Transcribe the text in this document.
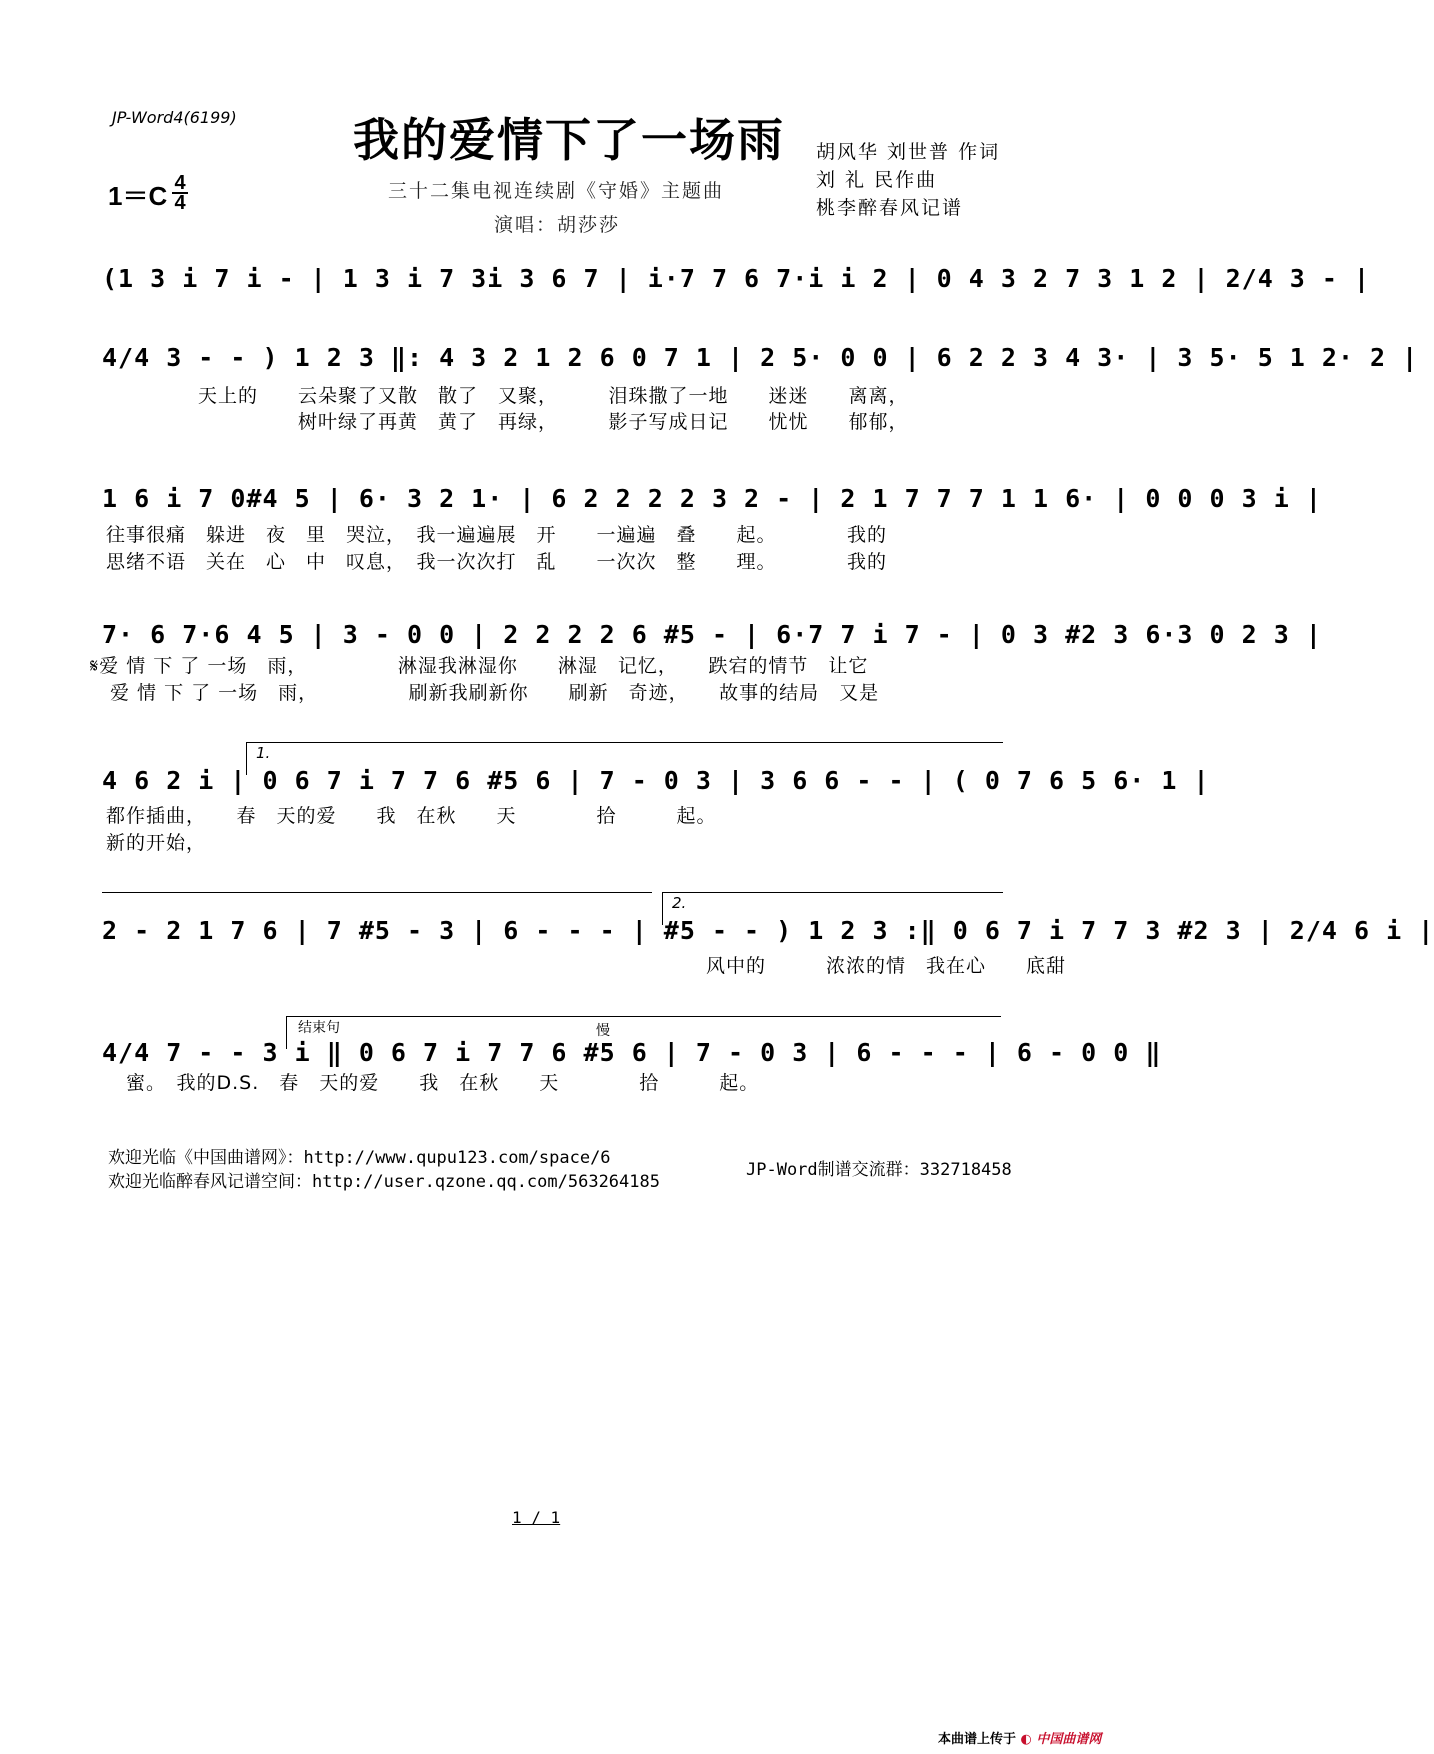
JP-Word4(6199)	我的爱情下了一场雨
三十二集电视连续剧《守婚》主题曲
演唱：胡莎莎
胡风华 刘世普 作词
刘 礼 民作曲
桃李醉春风记谱
1＝C 4
4
(1 3 i 7 i - | 1 3 i 7 3i 3 6 7 | i·7 7 6 7·i i 2 | 0 4 3 2 7 3 1 2 | 2/4 3 - |
4/4 3 - - ) 1 2 3 ‖: 4 3 2 1 2 6 0 7 1 | 2 5· 0 0 | 6 2 2 3 4 3· | 3 5· 5 1 2· 2 |
天上的　　云朵聚了又散　散了　又聚，　　　泪珠撒了一地　　迷迷　　离离，
　　　　　树叶绿了再黄　黄了　再绿，　　　影子写成日记　　忧忧　　郁郁，
1 6 i 7 0#4 5 | 6· 3 2 1· | 6 2 2 2 2 3 2 - | 2 1 7 7 7 1 1 6· | 0 0 0 3 i |
往事很痛　躲进　夜　里　哭泣，　我一遍遍展　开　　一遍遍　叠　　起。　　　　我的
思绪不语　关在　心　中　叹息，　我一次次打　乱　　一次次　整　　理。　　　　我的
7· 6 7·6 4 5 | 3 - 0 0 | 2 2 2 2 6 #5 - | 6·7 7 i 7 - | 0 3 #2 3 6·3 0 2 3 |
𝄋爱 情 下 了 一场　雨，　　　　　淋湿我淋湿你　　淋湿　记忆，　　跌宕的情节　让它
　爱 情 下 了 一场　雨，　　　　　刷新我刷新你　　刷新　奇迹，　　故事的结局　又是
1.
4 6 2 i | 0 6 7 i 7 7 6 #5 6 | 7 - 0 3 | 3 6 6 - - | ( 0 7 6 5 6· 1 |
都作插曲，　　春　天的爱　　我　在秋　　天　　　　拾　　　起。
新的开始，
2.
2 - 2 1 7 6 | 7 #5 - 3 | 6 - - - | #5 - - ) 1 2 3 :‖ 0 6 7 i 7 7 3 #2 3 | 2/4 6 i |
　　　　　　　　　　　　　　　　　　　　　　　　　　　　　　风中的　　　浓浓的情　我在心　　底甜
结束句	慢
4/4 7 - - 3 i ‖ 0 6 7 i 7 7 6 #5 6 | 7 - 0 3 | 6 - - - | 6 - 0 0 ‖
　蜜。　我的D.S.　春　天的爱　　我　在秋　　天　　　　拾　　　起。
欢迎光临《中国曲谱网》：http://www.qupu123.com/space/6
欢迎光临醉春风记谱空间：http://user.qzone.qq.com/563264185
JP-Word制谱交流群：332718458
1 / 1
本曲谱上传于 ◐ 中国曲谱网
